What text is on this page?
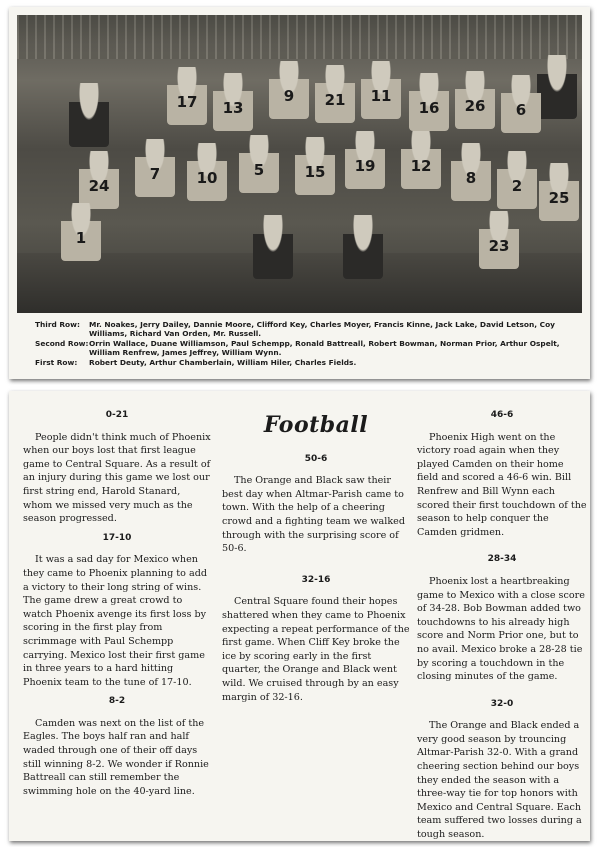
17	13
9	21	11
16	26	6
24
7	10	5	15	19	12
8	2
25
1	23
Third Row:	Mr. Noakes, Jerry Dailey, Dannie Moore, Clifford Key, Charles Moyer, Francis Kinne, Jack Lake, David Letson, Coy Williams, Richard Van Orden, Mr. Russell.
Second Row: Orrin Wallace, Duane Williamson, Paul Schempp, Ronald Battreall, Robert Bowman, Norman Prior, Arthur Ospelt, William Renfrew, James Jeffrey, William Wynn.
First Row:	Robert Deuty, Arthur Chamberlain, William Hiler, Charles Fields.
0-21

People didn't think much of Phoenix when our boys lost that first league game to Central Square. As a result of an injury during this game we lost our first string end, Harold Stanard, whom we missed very much as the season progressed.

17-10

It was a sad day for Mexico when they came to Phoenix planning to add a victory to their long string of wins. The game drew a great crowd to watch Phoenix avenge its first loss by scoring in the first play from scrimmage with Paul Schempp carrying. Mexico lost their first game in three years to a hard hitting Phoenix team to the tune of 17-10.

8-2

Camden was next on the list of the Eagles. The boys half ran and half waded through one of their off days still winning 8-2. We wonder if Ronnie Battreall can still remember the swimming hole on the 40-yard line.

Football
50-6

The Orange and Black saw their best day when Altmar-Parish came to town. With the help of a cheering crowd and a fighting team we walked through with the surprising score of 50-6.

32-16

Central Square found their hopes shattered when they came to Phoenix expecting a repeat performance of the first game. When Cliff Key broke the ice by scoring early in the first quarter, the Orange and Black went wild. We cruised through by an easy margin of 32-16.

46-6

Phoenix High went on the victory road again when they played Camden on their home field and scored a 46-6 win. Bill Renfrew and Bill Wynn each scored their first touchdown of the season to help conquer the Camden gridmen.

28-34

Phoenix lost a heartbreaking game to Mexico with a close score of 34-28. Bob Bowman added two touchdowns to his already high score and Norm Prior one, but to no avail. Mexico broke a 28-28 tie by scoring a touchdown in the closing minutes of the game.

32-0

The Orange and Black ended a very good season by trouncing Altmar-Parish 32-0. With a grand cheering section behind our boys they ended the season with a three-way tie for top honors with Mexico and Central Square. Each team suffered two losses during a tough season.
